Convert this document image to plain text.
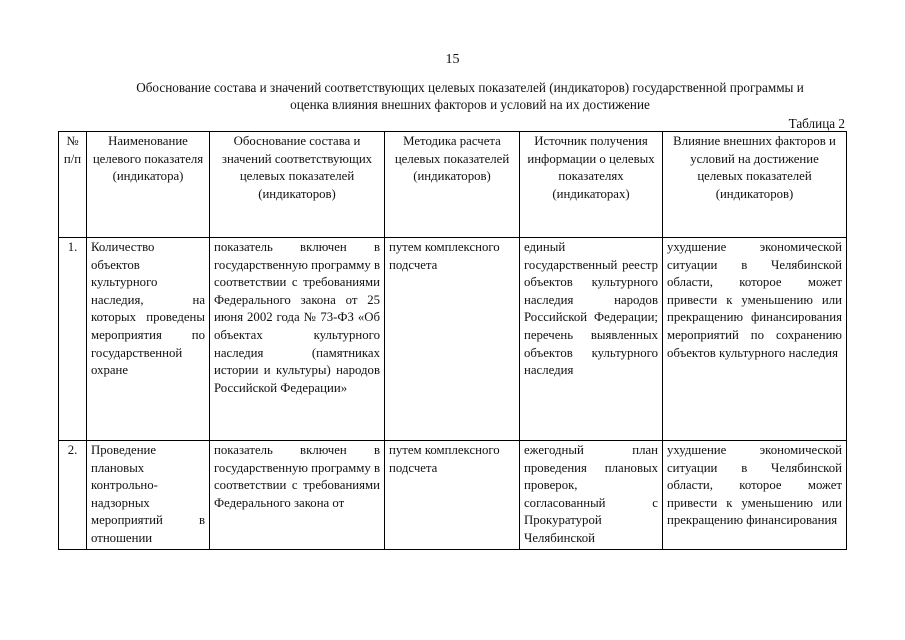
15
Обоснование состава и значений соответствующих целевых показателей (индикаторов) государственной программы и оценка влияния внешних факторов и условий на их достижение
Таблица 2
№ п/п	Наименование целевого показателя (индикатора)	Обоснование состава и значений соответствующих целевых показателей (индикаторов)	Методика расчета целевых показателей (индикаторов)	Источник получения информации о целевых показателях (индикаторах)	Влияние внешних факторов и условий на достижение целевых показателей (индикаторов)
1.	Количество объектов культурного наследия, на которых проведены мероприятия по государственной охране	показатель включен в государственную программу в соответствии с требованиями Федерального закона от 25 июня 2002 года № 73-ФЗ «Об объектах культурного наследия (памятниках истории и культуры) народов Российской Федерации»	путем комплексного подсчета	единый государственный реестр объектов культурного наследия народов Российской Федерации; перечень выявленных объектов культурного наследия	ухудшение экономической ситуации в Челябинской области, которое может привести к уменьшению или прекращению финансирования мероприятий по сохранению объектов культурного наследия
2.	Проведение плановых контрольно-надзорных мероприятий в отношении	показатель включен в государственную программу в соответствии с требованиями Федерального закона от	путем комплексного подсчета	ежегодный план проведения плановых проверок, согласованный с Прокуратурой Челябинской	ухудшение экономической ситуации в Челябинской области, которое может привести к уменьшению или прекращению финансирования
